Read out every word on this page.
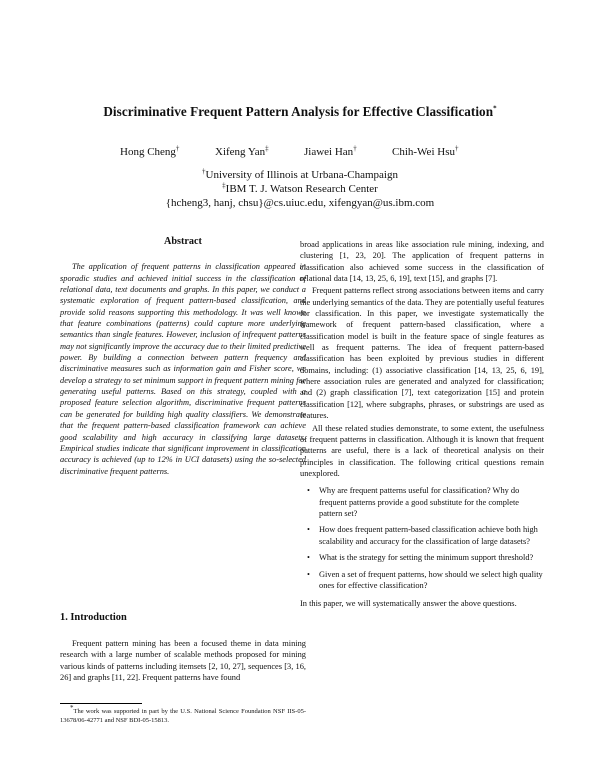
Discriminative Frequent Pattern Analysis for Effective Classification*
Hong Cheng†	Xifeng Yan‡	Jiawei Han†	Chih-Wei Hsu†
†University of Illinois at Urbana-Champaign
‡IBM T. J. Watson Research Center
{hcheng3, hanj, chsu}@cs.uiuc.edu, xifengyan@us.ibm.com

Abstract

The application of frequent patterns in classification appeared in sporadic studies and achieved initial success in the classification of relational data, text documents and graphs. In this paper, we conduct a systematic exploration of frequent pattern-based classification, and provide solid reasons supporting this methodology. It was well known that feature combinations (patterns) could capture more underlying semantics than single features. However, inclusion of infrequent patterns may not significantly improve the accuracy due to their limited predictive power. By building a connection between pattern frequency and discriminative measures such as information gain and Fisher score, we develop a strategy to set minimum support in frequent pattern mining for generating useful patterns. Based on this strategy, coupled with a proposed feature selection algorithm, discriminative frequent patterns can be generated for building high quality classifiers. We demonstrate that the frequent pattern-based classification framework can achieve good scalability and high accuracy in classifying large datasets. Empirical studies indicate that significant improvement in classification accuracy is achieved (up to 12% in UCI datasets) using the so-selected discriminative frequent patterns.

1. Introduction

Frequent pattern mining has been a focused theme in data mining research with a large number of scalable methods proposed for mining various kinds of patterns including itemsets [2, 10, 27], sequences [3, 16, 26] and graphs [11, 22]. Frequent patterns have found

*The work was supported in part by the U.S. National Science Foundation NSF IIS-05-13678/06-42771 and NSF BDI-05-15813.

broad applications in areas like association rule mining, indexing, and clustering [1, 23, 20]. The application of frequent patterns in classification also achieved some success in the classification of relational data [14, 13, 25, 6, 19], text [15], and graphs [7].

Frequent patterns reflect strong associations between items and carry the underlying semantics of the data. They are potentially useful features for classification. In this paper, we investigate systematically the framework of frequent pattern-based classification, where a classification model is built in the feature space of single features as well as frequent patterns. The idea of frequent pattern-based classification has been exploited by previous studies in different domains, including: (1) associative classification [14, 13, 25, 6, 19], where association rules are generated and analyzed for classification; and (2) graph classification [7], text categorization [15] and protein classification [12], where subgraphs, phrases, or substrings are used as features.

All these related studies demonstrate, to some extent, the usefulness of frequent patterns in classification. Although it is known that frequent patterns are useful, there is a lack of theoretical analysis on their principles in classification. The following critical questions remain unexplored.

• Why are frequent patterns useful for classification? Why do frequent patterns provide a good substitute for the complete pattern set?
• How does frequent pattern-based classification achieve both high scalability and accuracy for the classification of large datasets?
• What is the strategy for setting the minimum support threshold?
• Given a set of frequent patterns, how should we select high quality ones for effective classification?

In this paper, we will systematically answer the above questions.
